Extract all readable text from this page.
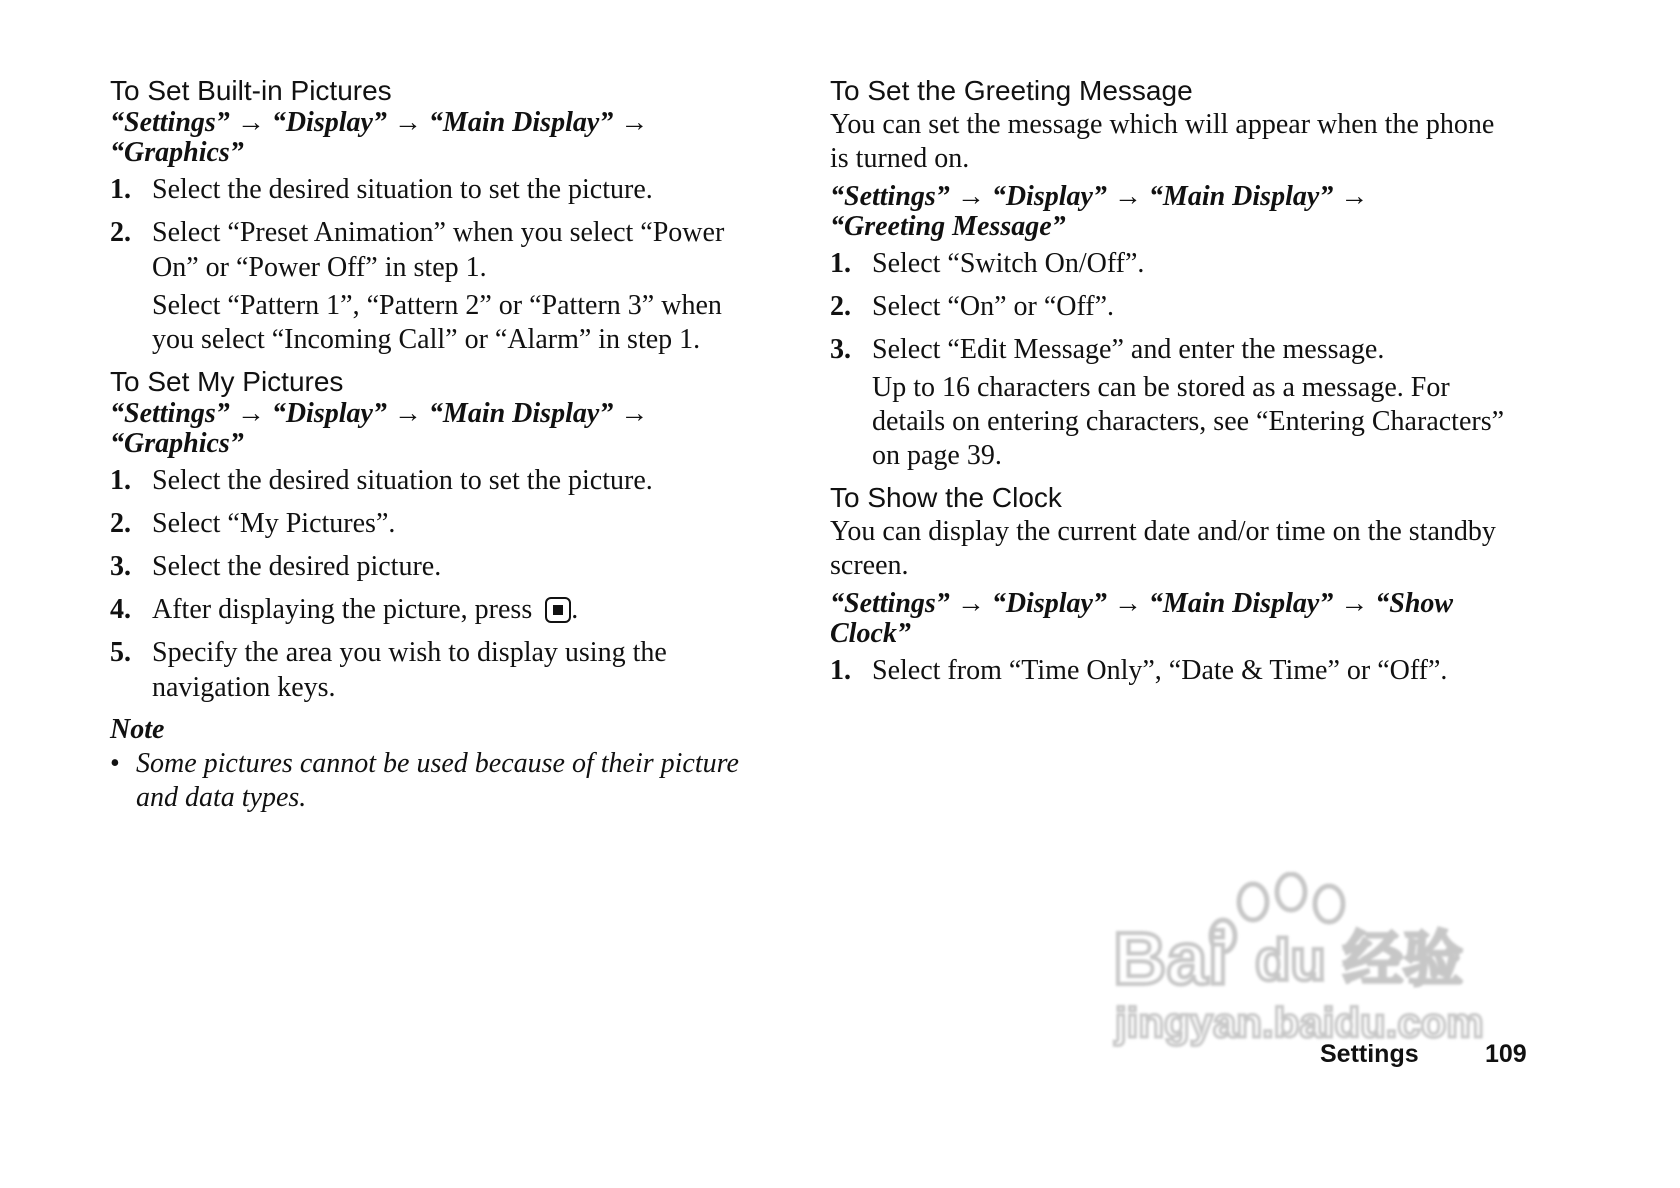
To Set Built-in Pictures
“Settings” → “Display” → “Main Display” →
“Graphics”
1. Select the desired situation to set the picture.
2. Select “Preset Animation” when you select “Power On” or “Power Off” in step 1.
Select “Pattern 1”, “Pattern 2” or “Pattern 3” when you select “Incoming Call” or “Alarm” in step 1.
To Set My Pictures
“Settings” → “Display” → “Main Display” →
“Graphics”
1. Select the desired situation to set the picture.
2. Select “My Pictures”.
3. Select the desired picture.
4. After displaying the picture, press .
5. Specify the area you wish to display using the navigation keys.
Note
• Some pictures cannot be used because of their picture and data types.
To Set the Greeting Message

You can set the message which will appear when the phone is turned on.

“Settings” → “Display” → “Main Display” →
“Greeting Message”
1. Select “Switch On/Off”.
2. Select “On” or “Off”.
3. Select “Edit Message” and enter the message.
Up to 16 characters can be stored as a message. For details on entering characters, see “Entering Characters” on page 39.
To Show the Clock

You can display the current date and/or time on the standby screen.

“Settings” → “Display” → “Main Display” → “Show Clock”
1. Select from “Time Only”, “Date & Time” or “Off”.
Bai du 经验
jingyan.baidu.com
Settings	109
